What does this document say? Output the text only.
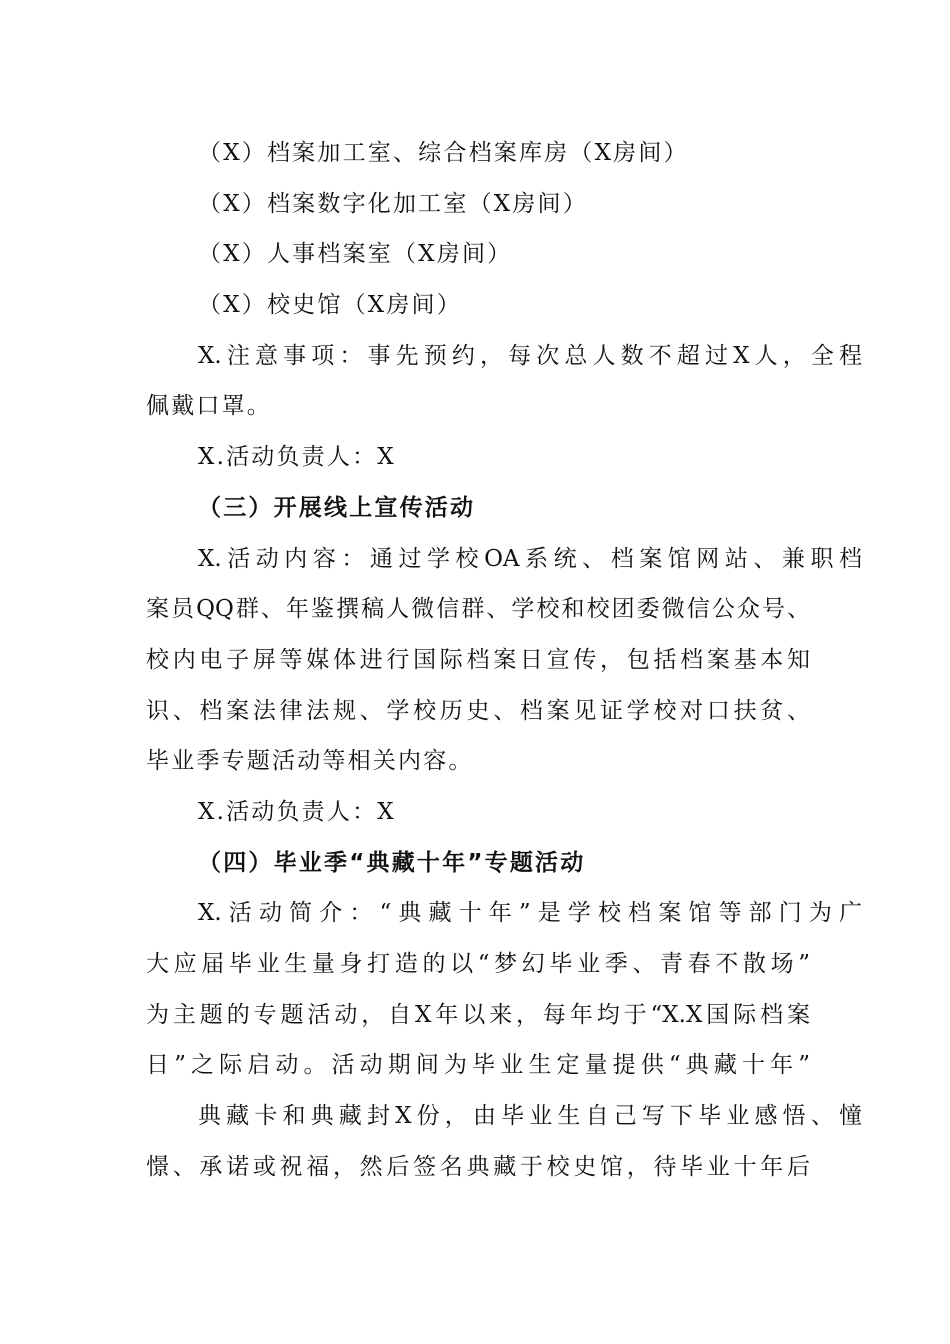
（X）档案加工室、综合档案库房（X房间）
（X）档案数字化加工室（X房间）
（X）人事档案室（X房间）
（X）校史馆（X房间）
X.注意事项：事先预约，每次总人数不超过X人，全程
佩戴口罩。
X.活动负责人：X
（三）开展线上宣传活动
X.活动内容：通过学校OA系统、档案馆网站、兼职档
案员QQ群、年鉴撰稿人微信群、学校和校团委微信公众号、
校内电子屏等媒体进行国际档案日宣传，包括档案基本知
识、档案法律法规、学校历史、档案见证学校对口扶贫、
毕业季专题活动等相关内容。
X.活动负责人：X
（四）毕业季“典藏十年”专题活动
X.活动简介：“典藏十年”是学校档案馆等部门为广
大应届毕业生量身打造的以“梦幻毕业季、青春不散场”
为主题的专题活动，自X年以来，每年均于“X.X国际档案
日”之际启动。活动期间为毕业生定量提供“典藏十年”
典藏卡和典藏封X份，由毕业生自己写下毕业感悟、憧
憬、承诺或祝福，然后签名典藏于校史馆，待毕业十年后
